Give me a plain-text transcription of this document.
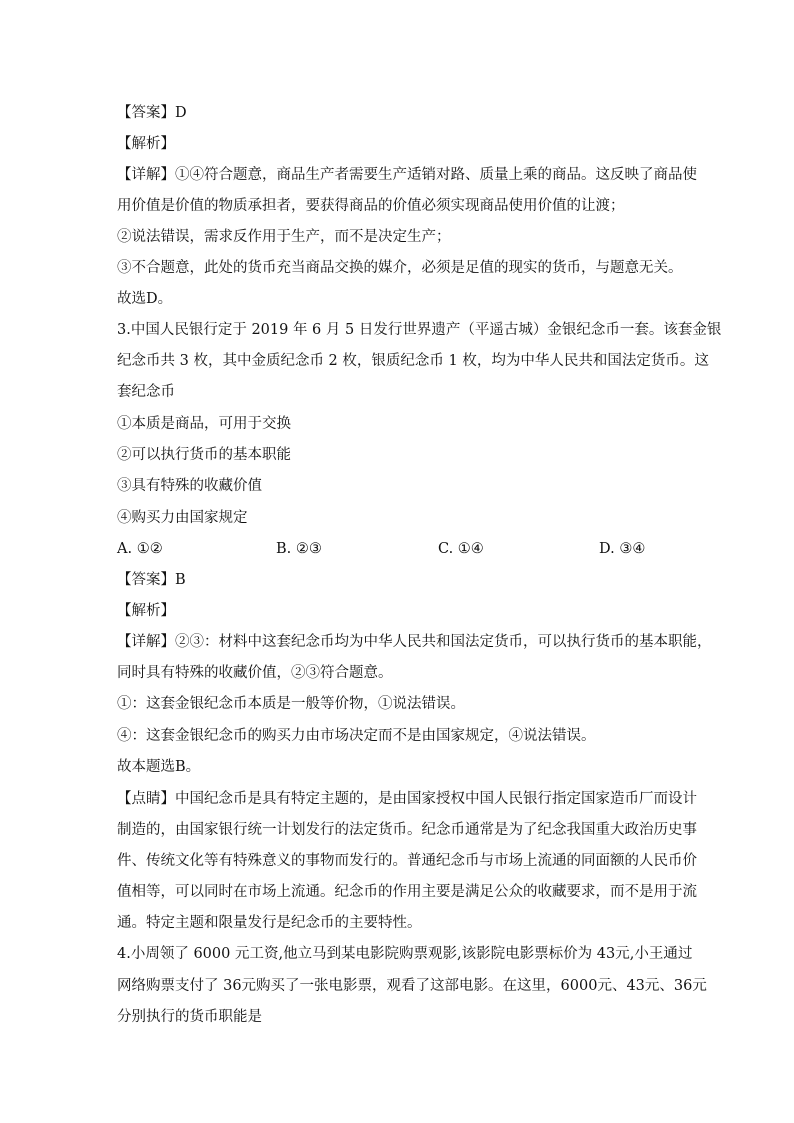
【答案】D
【解析】
【详解】①④符合题意，商品生产者需要生产适销对路、质量上乘的商品。这反映了商品使
用价值是价值的物质承担者，要获得商品的价值必须实现商品使用价值的让渡；
②说法错误，需求反作用于生产，而不是决定生产；
③不合题意，此处的货币充当商品交换的媒介，必须是足值的现实的货币，与题意无关。
故选D。
3.中国人民银行定于 2019 年 6 月 5 日发行世界遗产（平遥古城）金银纪念币一套。该套金银
纪念币共 3 枚，其中金质纪念币 2 枚，银质纪念币 1 枚，均为中华人民共和国法定货币。这
套纪念币
①本质是商品，可用于交换
②可以执行货币的基本职能
③具有特殊的收藏价值
④购买力由国家规定
A. ①②	B. ②③	C. ①④	D. ③④
【答案】B
【解析】
【详解】②③：材料中这套纪念币均为中华人民共和国法定货币，可以执行货币的基本职能，
同时具有特殊的收藏价值，②③符合题意。
①：这套金银纪念币本质是一般等价物，①说法错误。
④：这套金银纪念币的购买力由市场决定而不是由国家规定，④说法错误。
故本题选B。
【点睛】中国纪念币是具有特定主题的，是由国家授权中国人民银行指定国家造币厂而设计
制造的，由国家银行统一计划发行的法定货币。纪念币通常是为了纪念我国重大政治历史事
件、传统文化等有特殊意义的事物而发行的。普通纪念币与市场上流通的同面额的人民币价
值相等，可以同时在市场上流通。纪念币的作用主要是满足公众的收藏要求，而不是用于流
通。特定主题和限量发行是纪念币的主要特性。
4.小周领了 6000 元工资,他立马到某电影院购票观影,该影院电影票标价为 43元,小王通过
网络购票支付了 36元购买了一张电影票，观看了这部电影。在这里，6000元、43元、36元
分别执行的货币职能是
